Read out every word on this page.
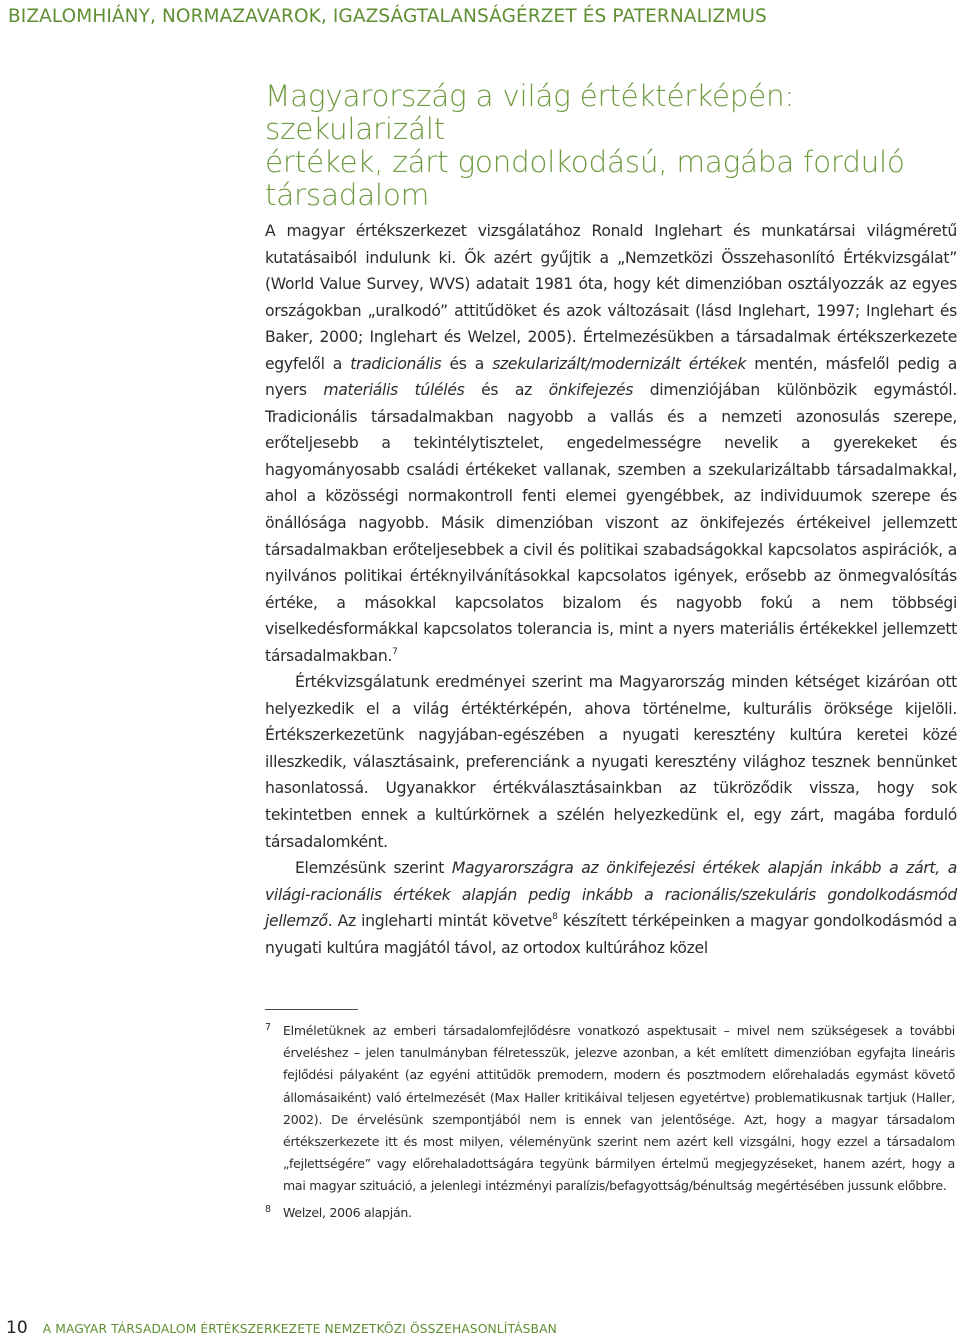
BIZALOMHIÁNY, NORMAZAVAROK, IGAZSÁGTALANSÁGÉRZET ÉS PATERNALIZMUS
Magyarország a világ értéktérképén: szekularizált
értékek, zárt gondolkodású, magába forduló
társadalom

A magyar értékszerkezet vizsgálatához Ronald Inglehart és munkatársai világméretű kutatásaiból indulunk ki. Ők azért gyűjtik a „Nemzetközi Összehasonlító Értékvizsgálat” (World Value Survey, WVS) adatait 1981 óta, hogy két dimenzióban osztályozzák az egyes országokban „uralkodó” attitűdöket és azok változásait (lásd Inglehart, 1997; Inglehart és Baker, 2000; Inglehart és Welzel, 2005). Értelmezésükben a társadalmak értékszerkezete egyfelől a tradicionális és a szekularizált/modernizált értékek mentén, másfelől pedig a nyers materiális túlélés és az önkifejezés dimenziójában különbözik egymástól. Tradicionális társadalmakban nagyobb a vallás és a nemzeti azonosulás szerepe, erőteljesebb a tekintélytisztelet, engedelmességre nevelik a gyerekeket és hagyományosabb családi értékeket vallanak, szemben a szekularizáltabb társadalmakkal, ahol a közösségi normakontroll fenti elemei gyengébbek, az individuumok szerepe és önállósága nagyobb. Másik dimenzióban viszont az önkifejezés értékeivel jellemzett társadalmakban erőteljesebbek a civil és politikai szabadságokkal kapcsolatos aspirációk, a nyilvános politikai értéknyilvánításokkal kapcsolatos igények, erősebb az önmegvalósítás értéke, a másokkal kapcsolatos bizalom és nagyobb fokú a nem többségi viselkedésformákkal kapcsolatos tolerancia is, mint a nyers materiális értékekkel jellemzett társadalmakban.$^7$

Értékvizsgálatunk eredményei szerint ma Magyarország minden kétséget kizáróan ott helyezkedik el a világ értéktérképén, ahova történelme, kulturális öröksége kijelöli. Értékszerkezetünk nagyjában-egészében a nyugati keresztény kultúra keretei közé illeszkedik, választásaink, preferenciánk a nyugati keresztény világhoz tesznek bennünket hasonlatossá. Ugyanakkor értékválasztásainkban az tükröződik vissza, hogy sok tekintetben ennek a kultúrkörnek a szélén helyezkedünk el, egy zárt, magába forduló társadalomként.

Elemzésünk szerint Magyarországra az önkifejezési értékek alapján inkább a zárt, a világi-racionális értékek alapján pedig inkább a racionális/szekuláris gondolkodásmód jellemző. Az ingleharti mintát követve$^8$ készített térképeinken a magyar gondolkodásmód a nyugati kultúra magjától távol, az ortodox kultúrához közel

7 Elméletüknek az emberi társadalomfejlődésre vonatkozó aspektusait – mivel nem szükségesek a további érveléshez – jelen tanulmányban félretesszük, jelezve azonban, a két említett dimenzióban egyfajta lineáris fejlődési pályaként (az egyéni attitűdök premodern, modern és posztmodern előrehaladás egymást követő állomásaiként) való értelmezését (Max Haller kritikáival teljesen egyetértve) problematikusnak tartjuk (Haller, 2002). De érvelésünk szempontjából nem is ennek van jelentősége. Azt, hogy a magyar társadalom értékszerkezete itt és most milyen, véleményünk szerint nem azért kell vizsgálni, hogy ezzel a társadalom „fejlettségére” vagy előrehaladottságára tegyünk bármilyen értelmű megjegyzéseket, hanem azért, hogy a mai magyar szituáció, a jelenlegi intézményi paralízis/befagyottság/bénultság megértésében jussunk előbbre.
8 Welzel, 2006 alapján.
10 A MAGYAR TÁRSADALOM ÉRTÉKSZERKEZETE NEMZETKÖZI ÖSSZEHASONLÍTÁSBAN
